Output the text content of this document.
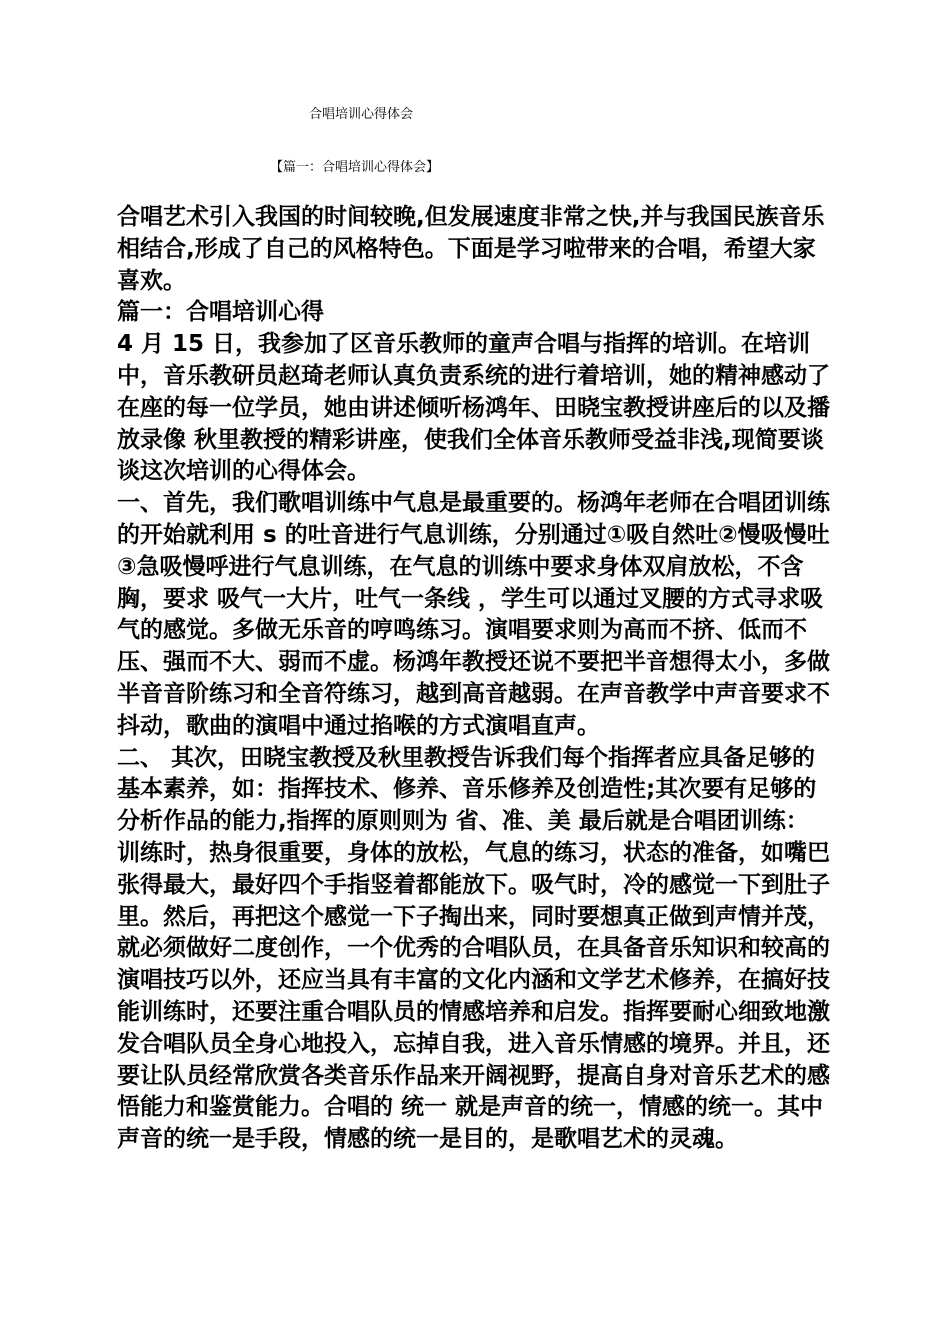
合唱培训心得体会
【篇一：合唱培训心得体会】

合唱艺术引入我国的时间较晚,但发展速度非常之快,并与我国民族音乐相结合,形成了自己的风格特色。下面是学习啦带来的合唱，希望大家喜欢。

篇一：合唱培训心得

4 月 15 日，我参加了区音乐教师的童声合唱与指挥的培训。在培训中，音乐教研员赵琦老师认真负责系统的进行着培训，她的精神感动了在座的每一位学员，她由讲述倾听杨鸿年、田晓宝教授讲座后的以及播放录像 秋里教授的精彩讲座，使我们全体音乐教师受益非浅,现简要谈谈这次培训的心得体会。

一、首先，我们歌唱训练中气息是最重要的。杨鸿年老师在合唱团训练的开始就利用 s 的吐音进行气息训练，分别通过①吸自然吐②慢吸慢吐③急吸慢呼进行气息训练，在气息的训练中要求身体双肩放松，不含胸，要求 吸气一大片，吐气一条线 ，学生可以通过叉腰的方式寻求吸气的感觉。多做无乐音的哼鸣练习。演唱要求则为高而不挤、低而不压、强而不大、弱而不虚。杨鸿年教授还说不要把半音想得太小，多做半音音阶练习和全音符练习，越到高音越弱。在声音教学中声音要求不抖动，歌曲的演唱中通过掐喉的方式演唱直声。

二、 其次，田晓宝教授及秋里教授告诉我们每个指挥者应具备足够的基本素养，如：指挥技术、修养、音乐修养及创造性;其次要有足够的分析作品的能力,指挥的原则则为 省、准、美 最后就是合唱团训练：训练时，热身很重要，身体的放松，气息的练习，状态的准备，如嘴巴张得最大，最好四个手指竖着都能放下。吸气时，冷的感觉一下到肚子里。然后，再把这个感觉一下子掏出来，同时要想真正做到声情并茂，就必须做好二度创作，一个优秀的合唱队员，在具备音乐知识和较高的演唱技巧以外，还应当具有丰富的文化内涵和文学艺术修养，在搞好技能训练时，还要注重合唱队员的情感培养和启发。指挥要耐心细致地激发合唱队员全身心地投入，忘掉自我，进入音乐情感的境界。并且，还要让队员经常欣赏各类音乐作品来开阔视野，提高自身对音乐艺术的感悟能力和鉴赏能力。合唱的 统一 就是声音的统一，情感的统一。其中声音的统一是手段，情感的统一是目的，是歌唱艺术的灵魂。
